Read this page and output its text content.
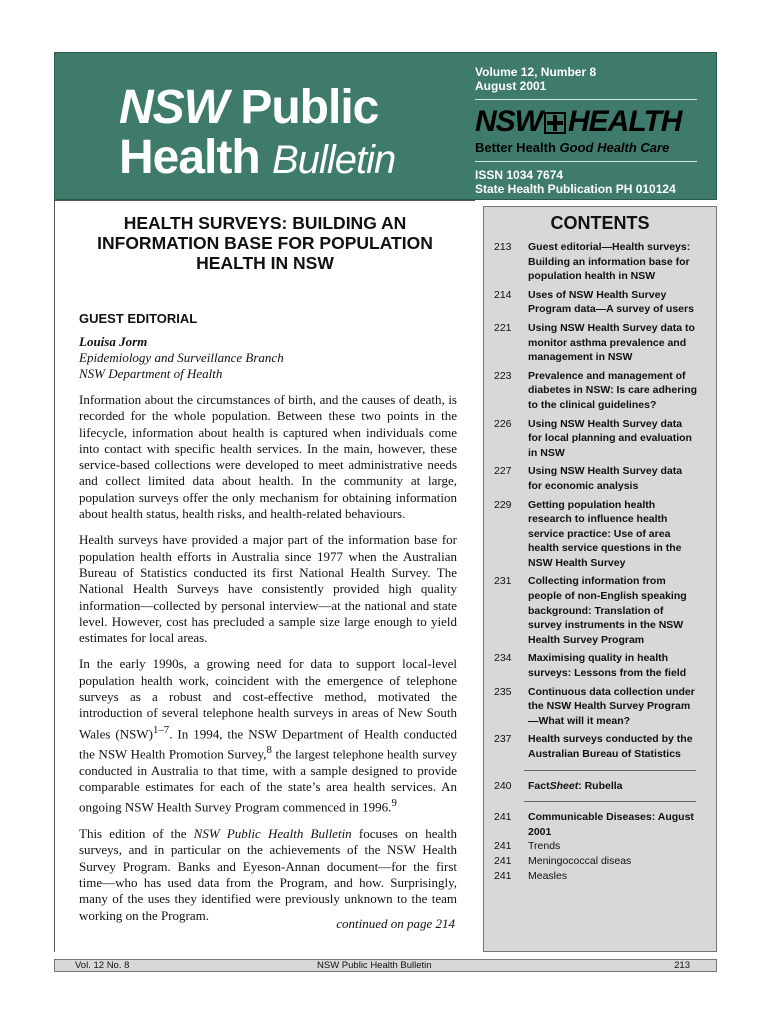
NSW Public
Health Bulletin
Volume 12, Number 8
August 2001
NSW HEALTH
Better Health Good Health Care
ISSN 1034 7674
State Health Publication PH 010124
HEALTH SURVEYS: BUILDING AN INFORMATION BASE FOR POPULATION HEALTH IN NSW
GUEST EDITORIAL
Louisa Jorm
Epidemiology and Surveillance Branch
NSW Department of Health

Information about the circumstances of birth, and the causes of death, is recorded for the whole population. Between these two points in the lifecycle, information about health is captured when individuals come into contact with specific health services. In the main, however, these service-based collections were developed to meet administrative needs and collect limited data about health. In the community at large, population surveys offer the only mechanism for obtaining information about health status, health risks, and health-related behaviours.

Health surveys have provided a major part of the information base for population health efforts in Australia since 1977 when the Australian Bureau of Statistics conducted its first National Health Survey. The National Health Surveys have consistently provided high quality information—collected by personal interview—at the national and state level. However, cost has precluded a sample size large enough to yield estimates for local areas.

In the early 1990s, a growing need for data to support local-level population health work, coincident with the emergence of telephone surveys as a robust and cost-effective method, motivated the introduction of several telephone health surveys in areas of New South Wales (NSW)$^{1-7}$. In 1994, the NSW Department of Health conducted the NSW Health Promotion Survey,$^8$ the largest telephone health survey conducted in Australia to that time, with a sample designed to provide comparable estimates for each of the state’s area health services. An ongoing NSW Health Survey Program commenced in 1996.$^9$

This edition of the NSW Public Health Bulletin focuses on health surveys, and in particular on the achievements of the NSW Health Survey Program. Banks and Eyeson-Annan document—for the first time—who has used data from the Program, and how. Surprisingly, many of the uses they identified were previously unknown to the team working on the Program.

continued on page 214
CONTENTS
213	Guest editorial—Health surveys: Building an information base for population health in NSW
214	Uses of NSW Health Survey Program data—A survey of users
221	Using NSW Health Survey data to monitor asthma prevalence and management in NSW
223	Prevalence and management of diabetes in NSW: Is care adhering to the clinical guidelines?
226	Using NSW Health Survey data for local planning and evaluation in NSW
227	Using NSW Health Survey data for economic analysis
229	Getting population health research to influence health service practice: Use of area health service questions in the NSW Health Survey
231	Collecting information from people of non-English speaking background: Translation of survey instruments in the NSW Health Survey Program
234	Maximising quality in health surveys: Lessons from the field
235	Continuous data collection under the NSW Health Survey Program—What will it mean?
237	Health surveys conducted by the Australian Bureau of Statistics
240	FactSheet: Rubella
241	Communicable Diseases: August 2001
241	Trends
241	Meningococcal diseas
241	Measles
Vol. 12 No. 8	NSW Public Health Bulletin	213
